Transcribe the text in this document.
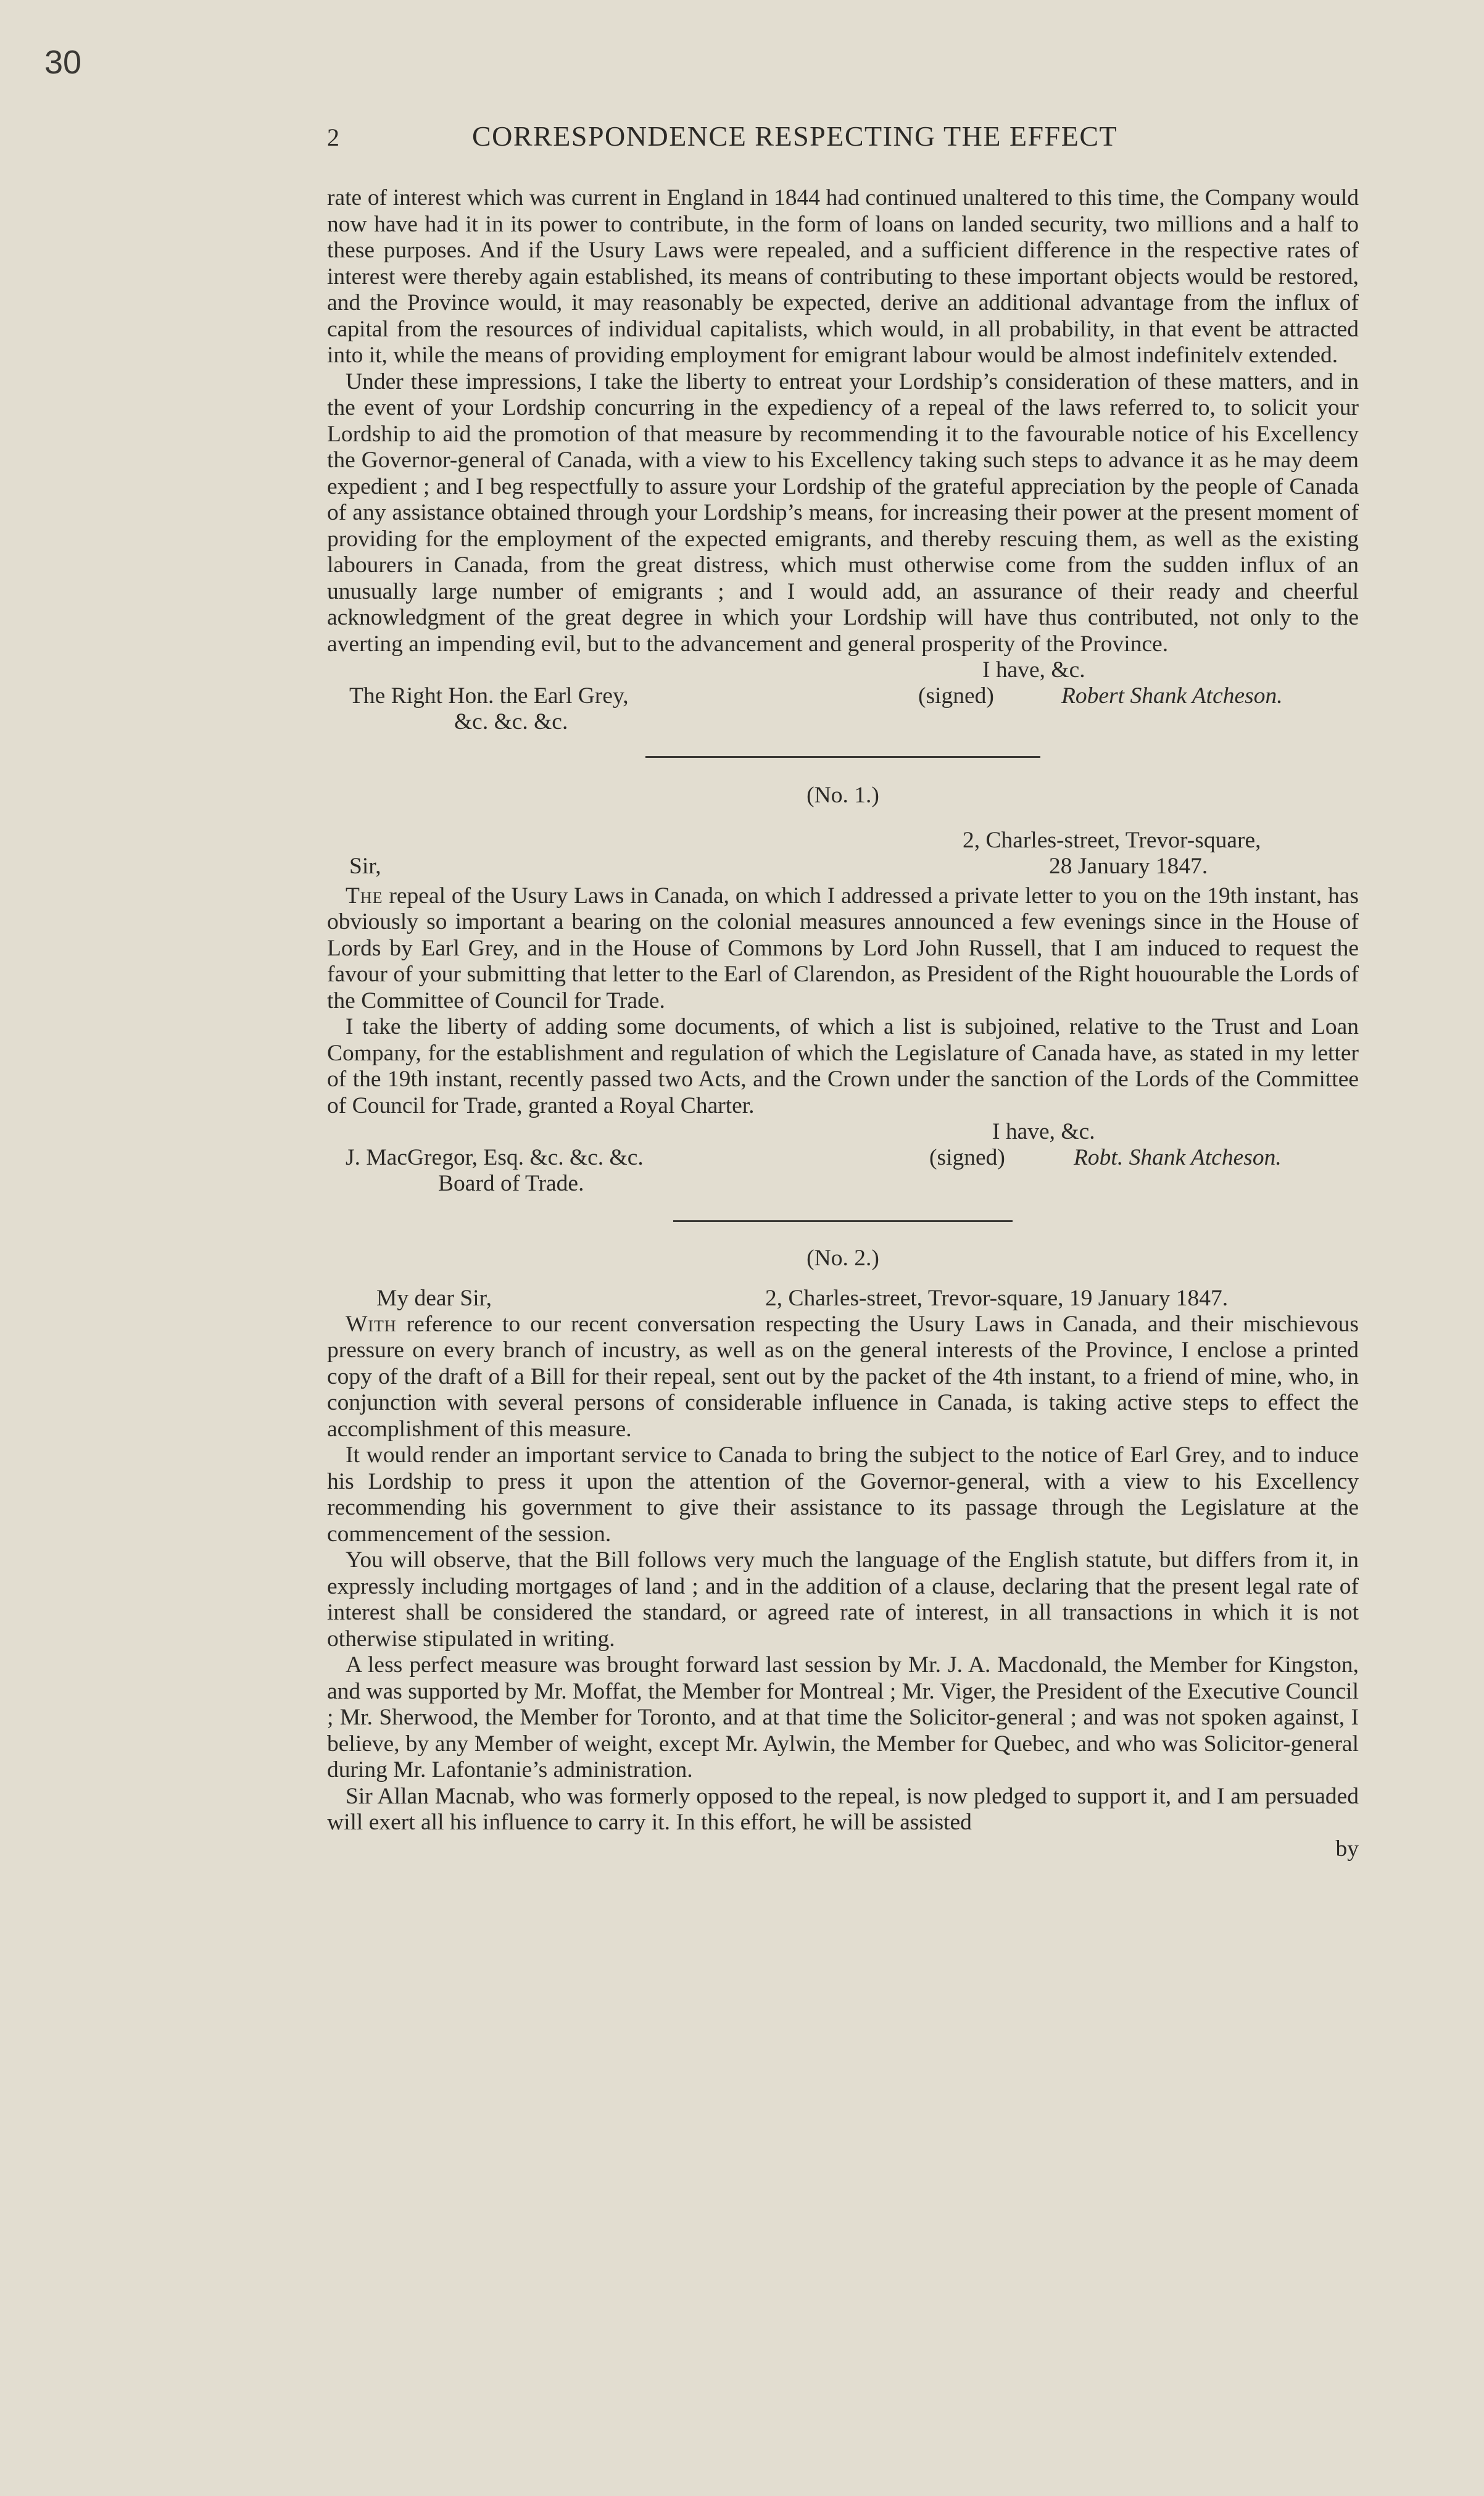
30
2	CORRESPONDENCE RESPECTING THE EFFECT

rate of interest which was current in England in 1844 had continued unaltered to this time, the Company would now have had it in its power to contribute, in the form of loans on landed security, two millions and a half to these purposes. And if the Usury Laws were repealed, and a sufficient difference in the respective rates of interest were thereby again established, its means of contributing to these important objects would be restored, and the Province would, it may reasonably be expected, derive an additional advantage from the influx of capital from the resources of individual capitalists, which would, in all probability, in that event be attracted into it, while the means of providing employment for emigrant labour would be almost indefinitelv extended.

Under these impressions, I take the liberty to entreat your Lordship’s consideration of these matters, and in the event of your Lordship concurring in the expediency of a repeal of the laws referred to, to solicit your Lordship to aid the promotion of that measure by recommending it to the favourable notice of his Excellency the Governor-general of Canada, with a view to his Excellency taking such steps to advance it as he may deem expedient ; and I beg respectfully to assure your Lordship of the grateful appreciation by the people of Canada of any assistance obtained through your Lordship’s means, for increasing their power at the present moment of providing for the employment of the expected emigrants, and thereby rescuing them, as well as the existing labourers in Canada, from the great distress, which must otherwise come from the sudden influx of an unusually large number of emigrants ; and I would add, an assurance of their ready and cheerful acknowledgment of the great degree in which your Lordship will have thus contributed, not only to the averting an impending evil, but to the advancement and general prosperity of the Province.

I have, &c.
The Right Hon. the Earl Grey,
&c. &c. &c.
(signed)	Robert Shank Atcheson.

(No. 1.)

2, Charles-street, Trevor-square,
Sir,	28 January 1847.

The repeal of the Usury Laws in Canada, on which I addressed a private letter to you on the 19th instant, has obviously so important a bearing on the colonial measures announced a few evenings since in the House of Lords by Earl Grey, and in the House of Commons by Lord John Russell, that I am induced to request the favour of your submitting that letter to the Earl of Clarendon, as President of the Right houourable the Lords of the Committee of Council for Trade.

I take the liberty of adding some documents, of which a list is subjoined, relative to the Trust and Loan Company, for the establishment and regulation of which the Legislature of Canada have, as stated in my letter of the 19th instant, recently passed two Acts, and the Crown under the sanction of the Lords of the Committee of Council for Trade, granted a Royal Charter.

I have, &c.
J. MacGregor, Esq. &c. &c. &c.
Board of Trade.
(signed)	Robt. Shank Atcheson.

(No. 2.)

My dear Sir,	2, Charles-street, Trevor-square, 19 January 1847.

With reference to our recent conversation respecting the Usury Laws in Canada, and their mischievous pressure on every branch of incustry, as well as on the general interests of the Province, I enclose a printed copy of the draft of a Bill for their repeal, sent out by the packet of the 4th instant, to a friend of mine, who, in conjunction with several persons of considerable influence in Canada, is taking active steps to effect the accomplishment of this measure.

It would render an important service to Canada to bring the subject to the notice of Earl Grey, and to induce his Lordship to press it upon the attention of the Governor-general, with a view to his Excellency recommending his government to give their assistance to its passage through the Legislature at the commencement of the session.

You will observe, that the Bill follows very much the language of the English statute, but differs from it, in expressly including mortgages of land ; and in the addition of a clause, declaring that the present legal rate of interest shall be considered the standard, or agreed rate of interest, in all transactions in which it is not otherwise stipulated in writing.

A less perfect measure was brought forward last session by Mr. J. A. Macdonald, the Member for Kingston, and was supported by Mr. Moffat, the Member for Montreal ; Mr. Viger, the President of the Executive Council ; Mr. Sherwood, the Member for Toronto, and at that time the Solicitor-general ; and was not spoken against, I believe, by any Member of weight, except Mr. Aylwin, the Member for Quebec, and who was Solicitor-general during Mr. Lafontanie’s administration.

Sir Allan Macnab, who was formerly opposed to the repeal, is now pledged to support it, and I am persuaded will exert all his influence to carry it. In this effort, he will be assisted

by
